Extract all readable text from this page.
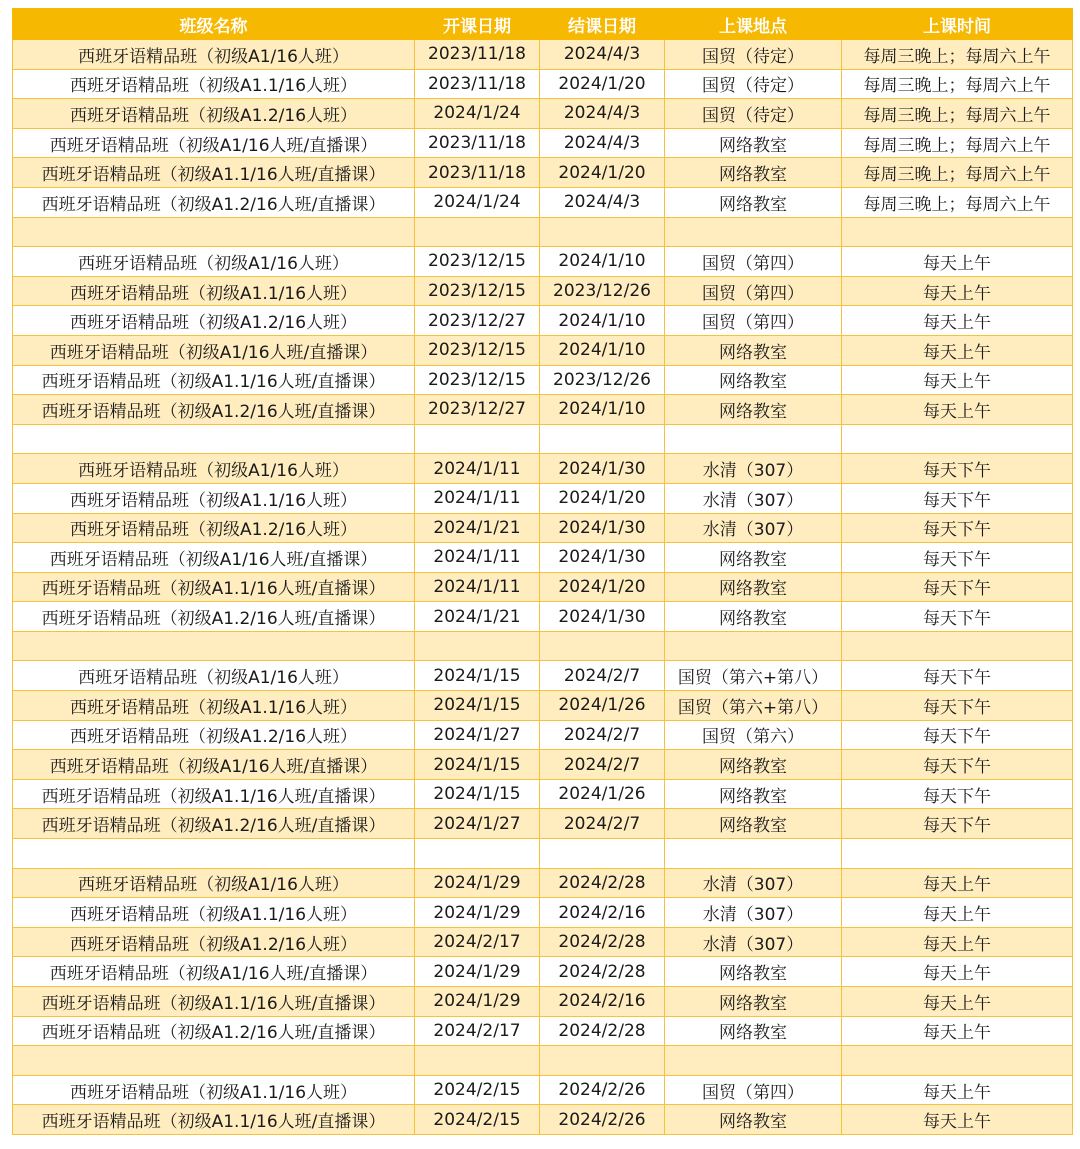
班级名称	开课日期	结课日期	上课地点	上课时间
西班牙语精品班（初级A1/16人班）	2023/11/18	2024/4/3	国贸（待定）	每周三晚上；每周六上午
西班牙语精品班（初级A1.1/16人班）	2023/11/18	2024/1/20	国贸（待定）	每周三晚上；每周六上午
西班牙语精品班（初级A1.2/16人班）	2024/1/24	2024/4/3	国贸（待定）	每周三晚上；每周六上午
西班牙语精品班（初级A1/16人班/直播课）	2023/11/18	2024/4/3	网络教室	每周三晚上；每周六上午
西班牙语精品班（初级A1.1/16人班/直播课）	2023/11/18	2024/1/20	网络教室	每周三晚上；每周六上午
西班牙语精品班（初级A1.2/16人班/直播课）	2024/1/24	2024/4/3	网络教室	每周三晚上；每周六上午

西班牙语精品班（初级A1/16人班）	2023/12/15	2024/1/10	国贸（第四）	每天上午
西班牙语精品班（初级A1.1/16人班）	2023/12/15	2023/12/26	国贸（第四）	每天上午
西班牙语精品班（初级A1.2/16人班）	2023/12/27	2024/1/10	国贸（第四）	每天上午
西班牙语精品班（初级A1/16人班/直播课）	2023/12/15	2024/1/10	网络教室	每天上午
西班牙语精品班（初级A1.1/16人班/直播课）	2023/12/15	2023/12/26	网络教室	每天上午
西班牙语精品班（初级A1.2/16人班/直播课）	2023/12/27	2024/1/10	网络教室	每天上午

西班牙语精品班（初级A1/16人班）	2024/1/11	2024/1/30	水清（307）	每天下午
西班牙语精品班（初级A1.1/16人班）	2024/1/11	2024/1/20	水清（307）	每天下午
西班牙语精品班（初级A1.2/16人班）	2024/1/21	2024/1/30	水清（307）	每天下午
西班牙语精品班（初级A1/16人班/直播课）	2024/1/11	2024/1/30	网络教室	每天下午
西班牙语精品班（初级A1.1/16人班/直播课）	2024/1/11	2024/1/20	网络教室	每天下午
西班牙语精品班（初级A1.2/16人班/直播课）	2024/1/21	2024/1/30	网络教室	每天下午

西班牙语精品班（初级A1/16人班）	2024/1/15	2024/2/7	国贸（第六+第八）	每天下午
西班牙语精品班（初级A1.1/16人班）	2024/1/15	2024/1/26	国贸（第六+第八）	每天下午
西班牙语精品班（初级A1.2/16人班）	2024/1/27	2024/2/7	国贸（第六）	每天下午
西班牙语精品班（初级A1/16人班/直播课）	2024/1/15	2024/2/7	网络教室	每天下午
西班牙语精品班（初级A1.1/16人班/直播课）	2024/1/15	2024/1/26	网络教室	每天下午
西班牙语精品班（初级A1.2/16人班/直播课）	2024/1/27	2024/2/7	网络教室	每天下午

西班牙语精品班（初级A1/16人班）	2024/1/29	2024/2/28	水清（307）	每天上午
西班牙语精品班（初级A1.1/16人班）	2024/1/29	2024/2/16	水清（307）	每天上午
西班牙语精品班（初级A1.2/16人班）	2024/2/17	2024/2/28	水清（307）	每天上午
西班牙语精品班（初级A1/16人班/直播课）	2024/1/29	2024/2/28	网络教室	每天上午
西班牙语精品班（初级A1.1/16人班/直播课）	2024/1/29	2024/2/16	网络教室	每天上午
西班牙语精品班（初级A1.2/16人班/直播课）	2024/2/17	2024/2/28	网络教室	每天上午

西班牙语精品班（初级A1.1/16人班）	2024/2/15	2024/2/26	国贸（第四）	每天上午
西班牙语精品班（初级A1.1/16人班/直播课）	2024/2/15	2024/2/26	网络教室	每天上午
